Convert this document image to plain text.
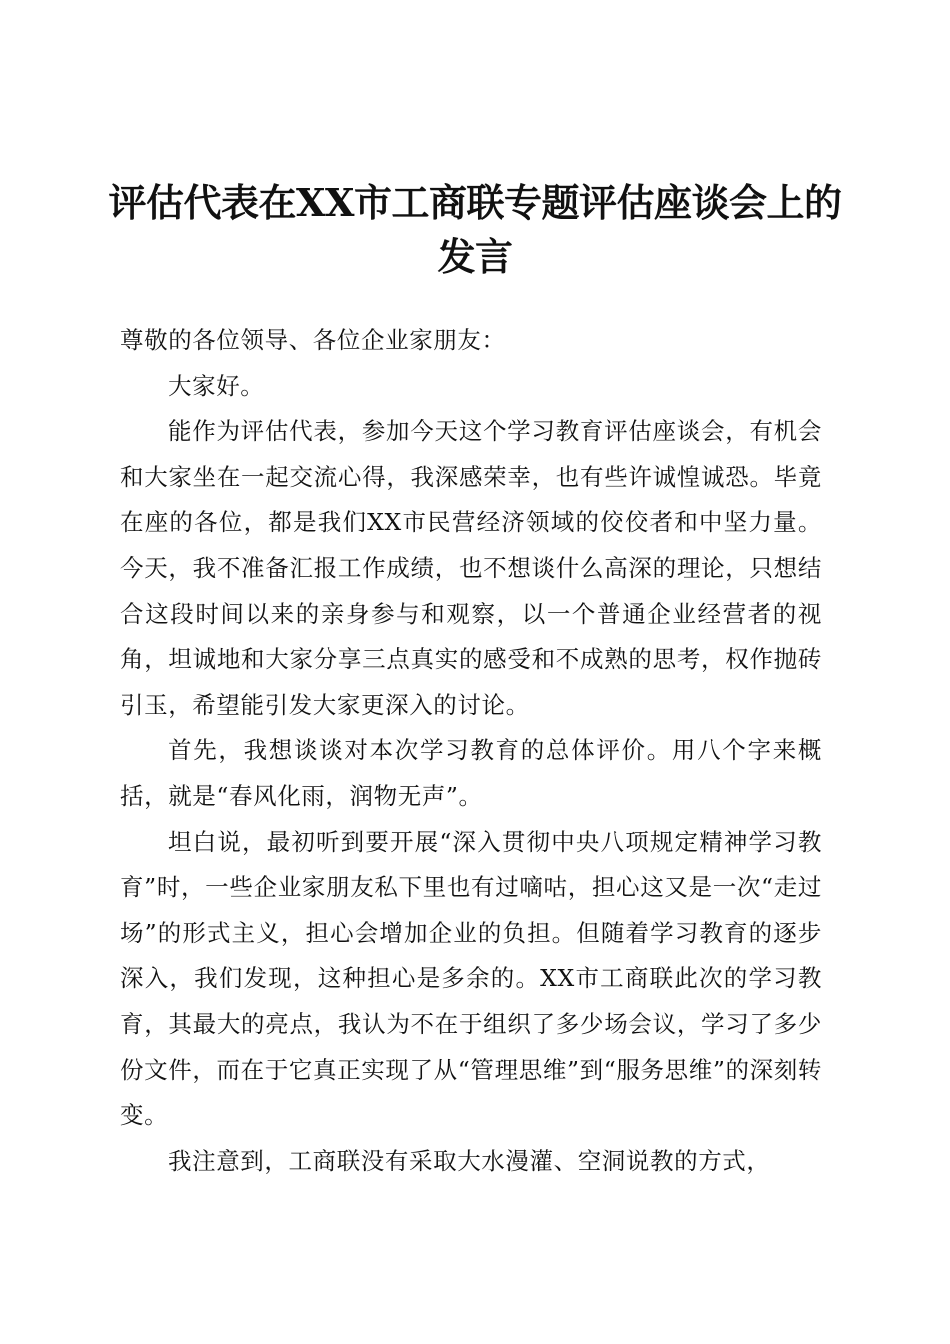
评估代表在XX市工商联专题评估座谈会上的发言

尊敬的各位领导、各位企业家朋友：

大家好。

能作为评估代表，参加今天这个学习教育评估座谈会，有机会和大家坐在一起交流心得，我深感荣幸，也有些许诚惶诚恐。毕竟在座的各位，都是我们XX市民营经济领域的佼佼者和中坚力量。今天，我不准备汇报工作成绩，也不想谈什么高深的理论，只想结合这段时间以来的亲身参与和观察，以一个普通企业经营者的视角，坦诚地和大家分享三点真实的感受和不成熟的思考，权作抛砖引玉，希望能引发大家更深入的讨论。

首先，我想谈谈对本次学习教育的总体评价。用八个字来概括，就是“春风化雨，润物无声”。

坦白说，最初听到要开展“深入贯彻中央八项规定精神学习教育”时，一些企业家朋友私下里也有过嘀咕，担心这又是一次“走过场”的形式主义，担心会增加企业的负担。但随着学习教育的逐步深入，我们发现，这种担心是多余的。XX市工商联此次的学习教育，其最大的亮点，我认为不在于组织了多少场会议，学习了多少份文件，而在于它真正实现了从“管理思维”到“服务思维”的深刻转变。

我注意到，工商联没有采取大水漫灌、空洞说教的方式，
